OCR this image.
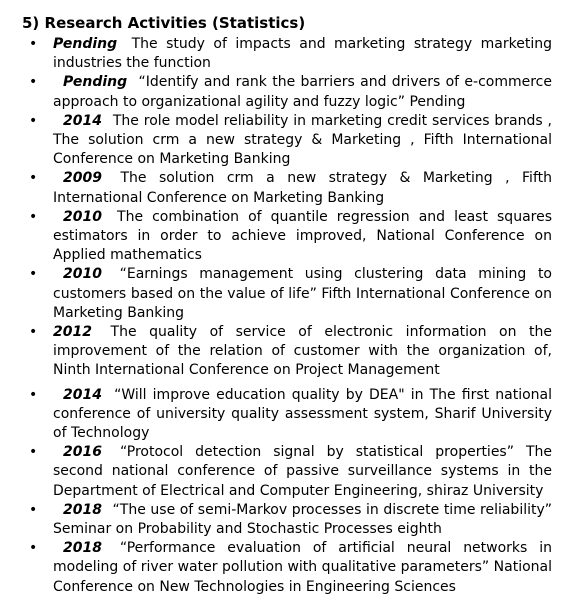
5) Research Activities (Statistics)
• Pending The study of impacts and marketing strategy marketing industries the function
• Pending “Identify and rank the barriers and drivers of e-commerce approach to organizational agility and fuzzy logic” Pending
• 2014 The role model reliability in marketing credit services brands , The solution crm a new strategy & Marketing , Fifth International Conference on Marketing Banking
• 2009 The solution crm a new strategy & Marketing , Fifth International Conference on Marketing Banking
• 2010 The combination of quantile regression and least squares estimators in order to achieve improved, National Conference on Applied mathematics
• 2010 “Earnings management using clustering data mining to customers based on the value of life” Fifth International Conference on Marketing Banking
• 2012 The quality of service of electronic information on the improvement of the relation of customer with the organization of, Ninth International Conference on Project Management
• 2014 “Will improve education quality by DEA" in The first national conference of university quality assessment system, Sharif University of Technology
• 2016 “Protocol detection signal by statistical properties” The second national conference of passive surveillance systems in the Department of Electrical and Computer Engineering, shiraz University
• 2018 “The use of semi-Markov processes in discrete time reliability” Seminar on Probability and Stochastic Processes eighth
• 2018 “Performance evaluation of artificial neural networks in modeling of river water pollution with qualitative parameters” National Conference on New Technologies in Engineering Sciences
